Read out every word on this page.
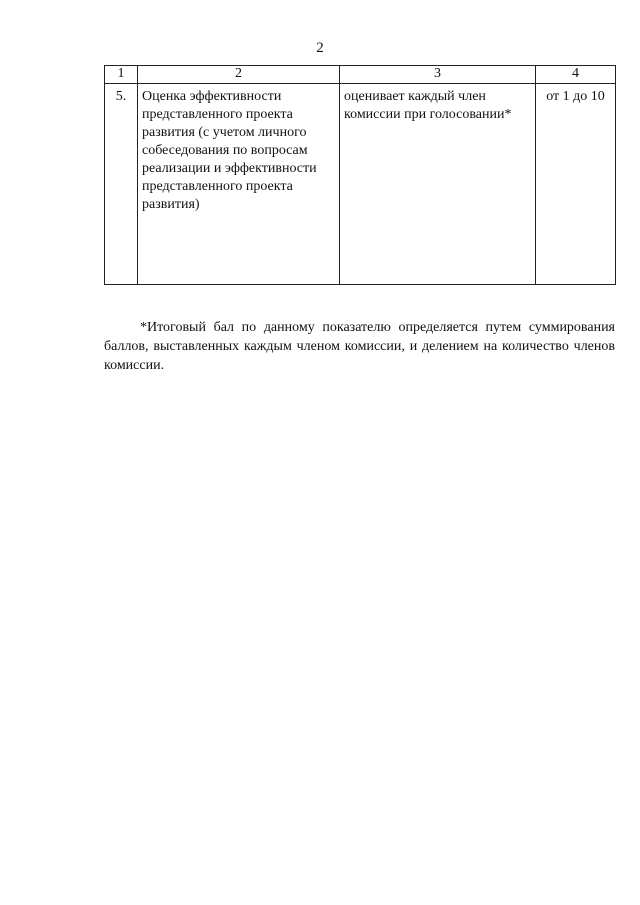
2
1	2	3	4
5.	Оценка эффективности представленного проекта развития (с учетом личного собеседования по вопросам реализации и эффективности представленного проекта развития)	оценивает каждый член комиссии при голосовании*	от 1 до 10

*Итоговый бал по данному показателю определяется путем суммирования баллов, выставленных каждым членом комиссии, и делением на количество членов комиссии.
